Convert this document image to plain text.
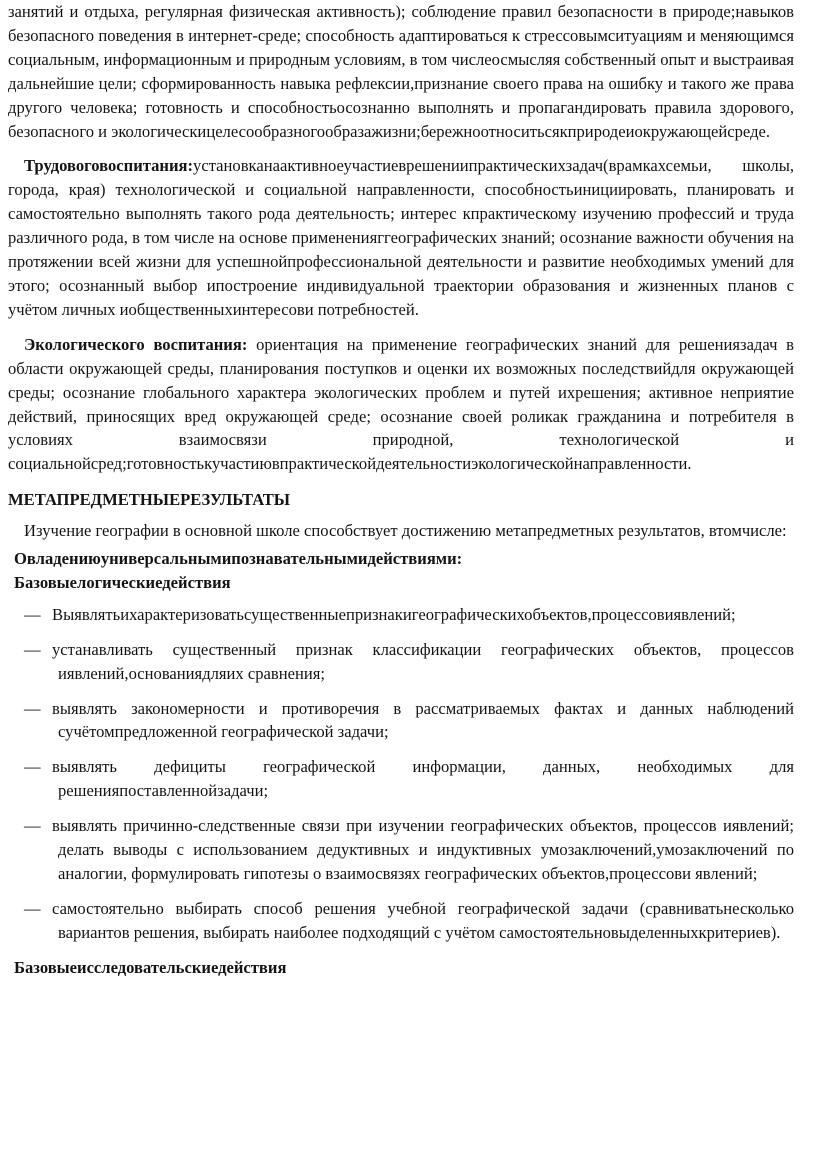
занятий и отдыха, регулярная физическая активность); соблюдение правил безопасности в природе;навыков безопасного поведения в интернет-среде; способность адаптироваться к стрессовымситуациям и меняющимся социальным, информационным и природным условиям, в том числеосмысляя собственный опыт и выстраивая дальнейшие цели; сформированность навыка рефлексии,признание своего права на ошибку и такого же права другого человека; готовность и способностьосознанно выполнять и пропагандировать правила здорового, безопасного и экологическицелесообразногообразажизни;бережноотноситьсякприродеиокружающейсреде.

Трудовоговоспитания:установканаактивноеучастиеврешениипрактическихзадач(врамкахсемьи, школы, города, края) технологической и социальной направленности, способностьинициировать, планировать и самостоятельно выполнять такого рода деятельность; интерес кпрактическому изучению профессий и труда различного рода, в том числе на основе примененияггеографических знаний; осознание важности обучения на протяжении всей жизни для успешнойпрофессиональной деятельности и развитие необходимых умений для этого; осознанный выбор ипостроение индивидуальной траектории образования и жизненных планов с учётом личных иобщественныхинтересови потребностей.

Экологического воспитания: ориентация на применение географических знаний для решениязадач в области окружающей среды, планирования поступков и оценки их возможных последствийдля окружающей среды; осознание глобального характера экологических проблем и путей ихрешения; активное неприятие действий, приносящих вред окружающей среде; осознание своей роликак гражданина и потребителя в условиях взаимосвязи природной, технологической и социальнойсред;готовностькучастиювпрактическойдеятельностиэкологическойнаправленности.

МЕТАПРЕДМЕТНЫЕРЕЗУЛЬТАТЫ

Изучение географии в основной школе способствует достижению метапредметных результатов, втомчисле:

Овладениюуниверсальнымипознавательнымидействиями:

Базовыелогическиедействия

— Выявлятьихарактеризоватьсущественныепризнакигеографическихобъектов,процессовиявлений;
— устанавливать существенный признак классификации географических объектов, процессов иявлений,основаниядляих сравнения;
— выявлять закономерности и противоречия в рассматриваемых фактах и данных наблюдений сучётомпредложенной географической задачи;
— выявлять дефициты географической информации, данных, необходимых для решенияпоставленнойзадачи;
— выявлять причинно-следственные связи при изучении географических объектов, процессов иявлений; делать выводы с использованием дедуктивных и индуктивных умозаключений,умозаключений по аналогии, формулировать гипотезы о взаимосвязях географических объектов,процессови явлений;
— самостоятельно выбирать способ решения учебной географической задачи (сравниватьнесколько вариантов решения, выбирать наиболее подходящий с учётом самостоятельновыделенныхкритериев).

Базовыеисследовательскиедействия
